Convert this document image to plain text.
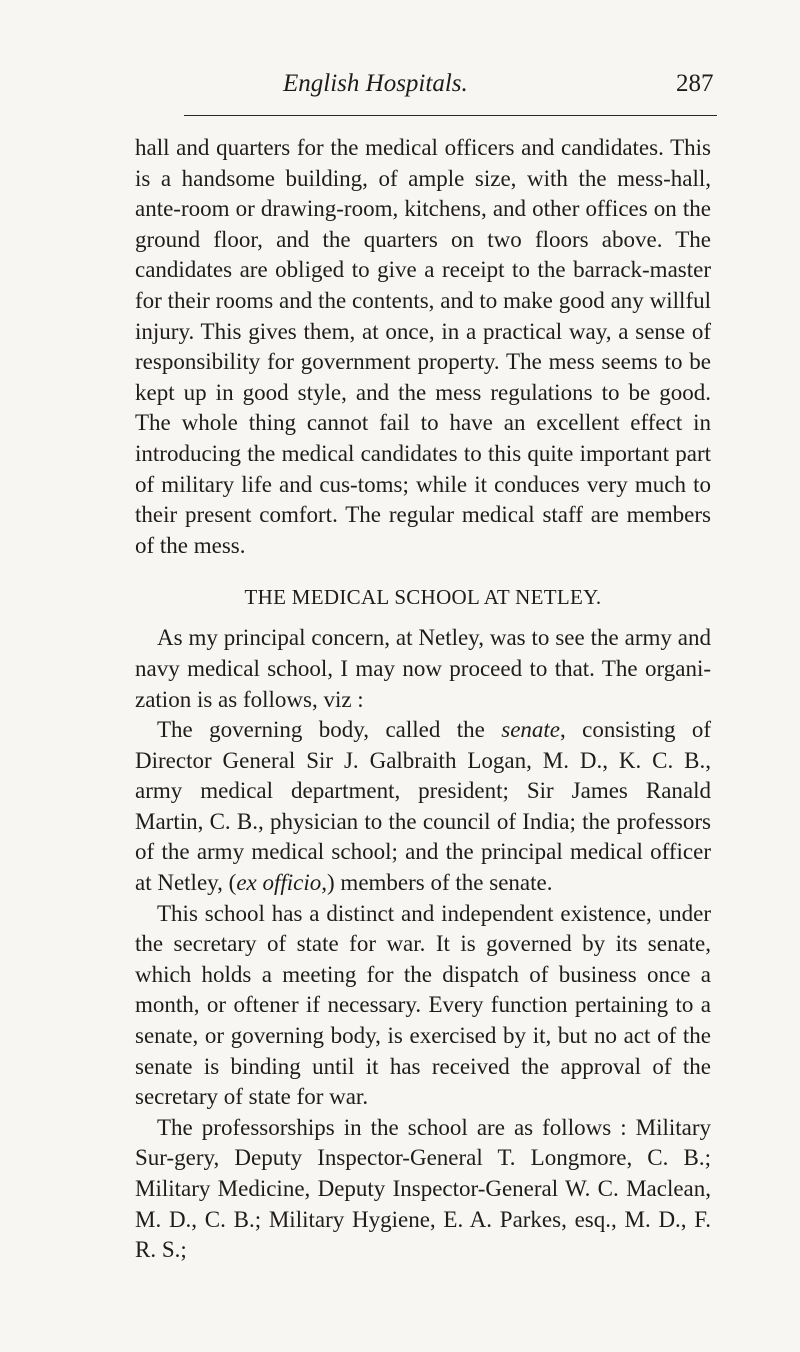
English Hospitals.	287

hall and quarters for the medical officers and candidates. This is a handsome building, of ample size, with the mess-hall, ante-room or drawing-room, kitchens, and other offices on the ground floor, and the quarters on two floors above. The candidates are obliged to give a receipt to the barrack-master for their rooms and the contents, and to make good any willful injury. This gives them, at once, in a practical way, a sense of responsibility for government property. The mess seems to be kept up in good style, and the mess regulations to be good. The whole thing cannot fail to have an excellent effect in introducing the medical candidates to this quite important part of military life and cus-toms; while it conduces very much to their present comfort. The regular medical staff are members of the mess.

THE MEDICAL SCHOOL AT NETLEY.

As my principal concern, at Netley, was to see the army and navy medical school, I may now proceed to that. The organi-zation is as follows, viz :

The governing body, called the senate, consisting of Director General Sir J. Galbraith Logan, M. D., K. C. B., army medical department, president; Sir James Ranald Martin, C. B., physician to the council of India; the professors of the army medical school; and the principal medical officer at Netley, (ex officio,) members of the senate.

This school has a distinct and independent existence, under the secretary of state for war. It is governed by its senate, which holds a meeting for the dispatch of business once a month, or oftener if necessary. Every function pertaining to a senate, or governing body, is exercised by it, but no act of the senate is binding until it has received the approval of the secretary of state for war.

The professorships in the school are as follows : Military Sur-gery, Deputy Inspector-General T. Longmore, C. B.; Military Medicine, Deputy Inspector-General W. C. Maclean, M. D., C. B.; Military Hygiene, E. A. Parkes, esq., M. D., F. R. S.;
